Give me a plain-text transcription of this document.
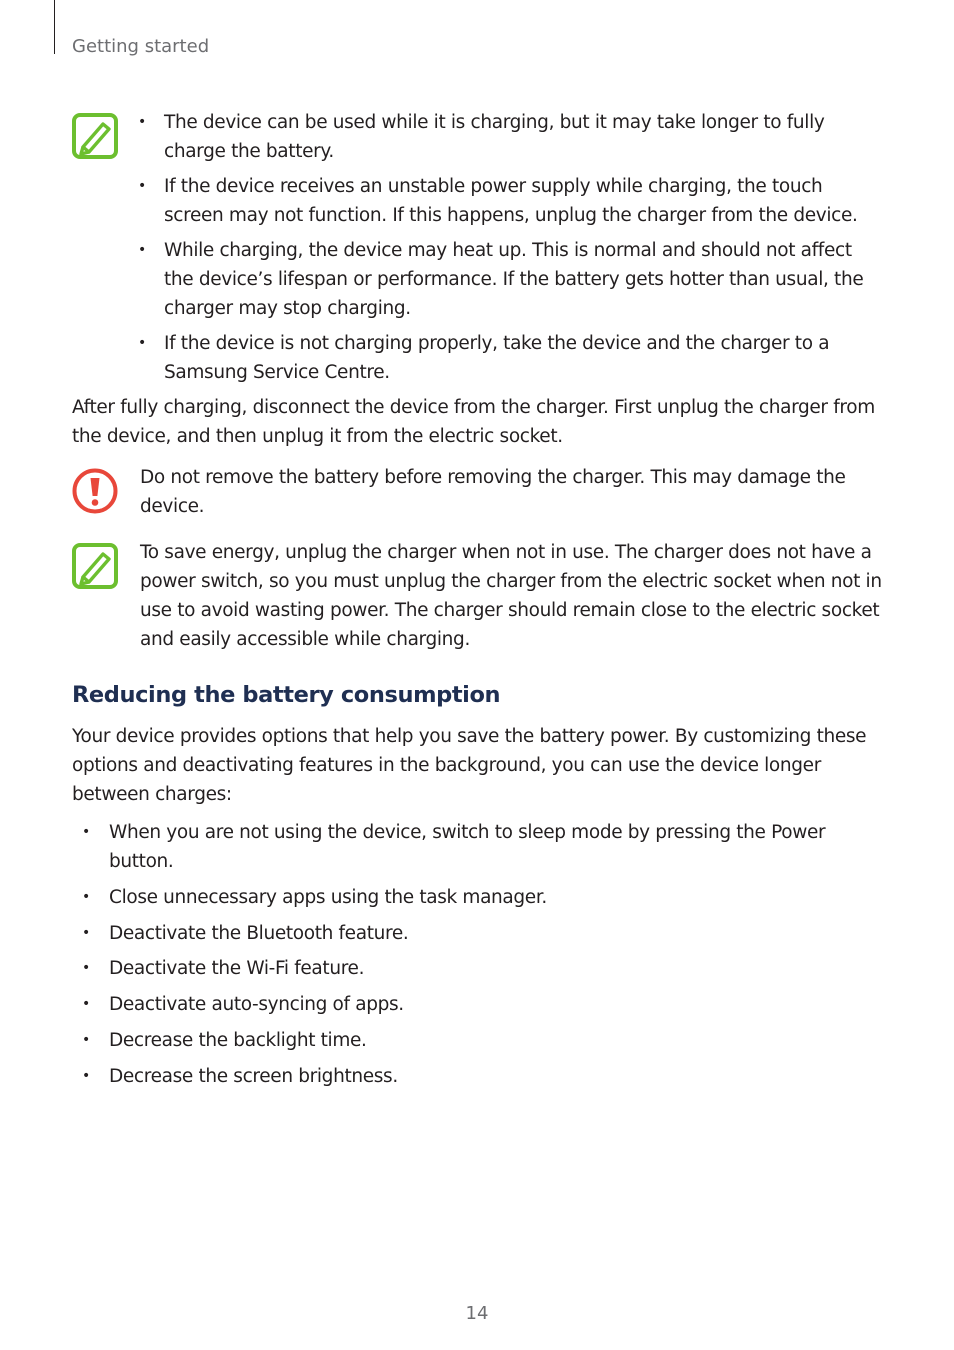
Getting started
• The device can be used while it is charging, but it may take longer to fully charge the battery.
• If the device receives an unstable power supply while charging, the touch screen may not function. If this happens, unplug the charger from the device.
• While charging, the device may heat up. This is normal and should not affect the device’s lifespan or performance. If the battery gets hotter than usual, the charger may stop charging.
• If the device is not charging properly, take the device and the charger to a Samsung Service Centre.

After fully charging, disconnect the device from the charger. First unplug the charger from the device, and then unplug it from the electric socket.

Do not remove the battery before removing the charger. This may damage the device.

To save energy, unplug the charger when not in use. The charger does not have a power switch, so you must unplug the charger from the electric socket when not in use to avoid wasting power. The charger should remain close to the electric socket and easily accessible while charging.

Reducing the battery consumption

Your device provides options that help you save the battery power. By customizing these options and deactivating features in the background, you can use the device longer between charges:

• When you are not using the device, switch to sleep mode by pressing the Power button.
• Close unnecessary apps using the task manager.
• Deactivate the Bluetooth feature.
• Deactivate the Wi-Fi feature.
• Deactivate auto-syncing of apps.
• Decrease the backlight time.
• Decrease the screen brightness.
14
